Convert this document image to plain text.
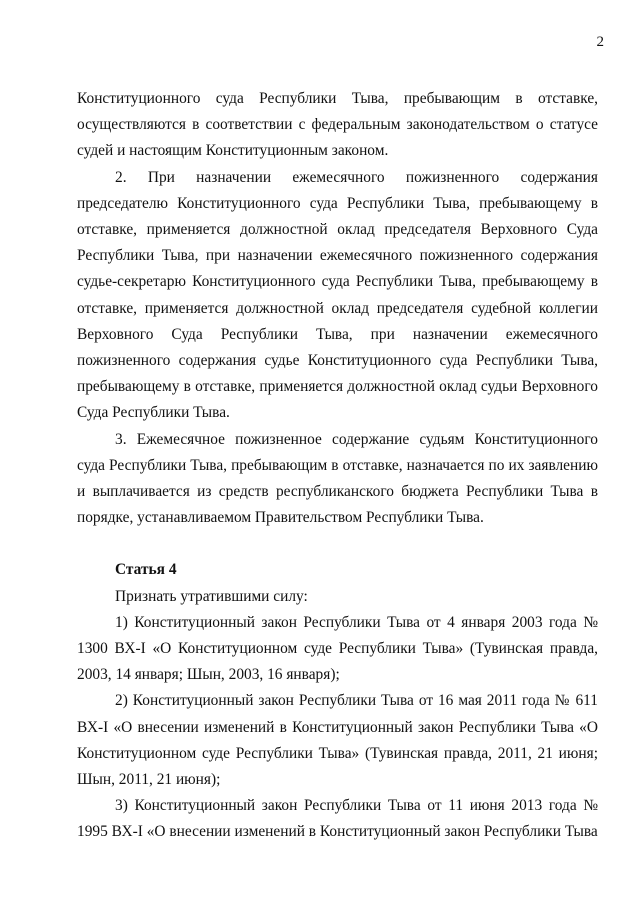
2

Конституционного суда Республики Тыва, пребывающим в отставке, осуществляются в соответствии с федеральным законодательством о статусе судей и настоящим Конституционным законом.

2. При назначении ежемесячного пожизненного содержания председателю Конституционного суда Республики Тыва, пребывающему в отставке, применяется должностной оклад председателя Верховного Суда Республики Тыва, при назначении ежемесячного пожизненного содержания судье-секретарю Конституционного суда Республики Тыва, пребывающему в отставке, применяется должностной оклад председателя судебной коллегии Верховного Суда Республики Тыва, при назначении ежемесячного пожизненного содержания судье Конституционного суда Республики Тыва, пребывающему в отставке, применяется должностной оклад судьи Верховного Суда Республики Тыва.

3. Ежемесячное пожизненное содержание судьям Конституционного суда Республики Тыва, пребывающим в отставке, назначается по их заявлению и выплачивается из средств республиканского бюджета Республики Тыва в порядке, устанавливаемом Правительством Республики Тыва.

Статья 4

Признать утратившими силу:

1) Конституционный закон Республики Тыва от 4 января 2003 года № 1300 ВХ-I «О Конституционном суде Республики Тыва» (Тувинская правда, 2003, 14 января; Шын, 2003, 16 января);

2) Конституционный закон Республики Тыва от 16 мая 2011 года № 611 ВХ-I «О внесении изменений в Конституционный закон Республики Тыва «О Конституционном суде Республики Тыва» (Тувинская правда, 2011, 21 июня; Шын, 2011, 21 июня);

3) Конституционный закон Республики Тыва от 11 июня 2013 года № 1995 ВХ-I «О внесении изменений в Конституционный закон Республики Тыва
